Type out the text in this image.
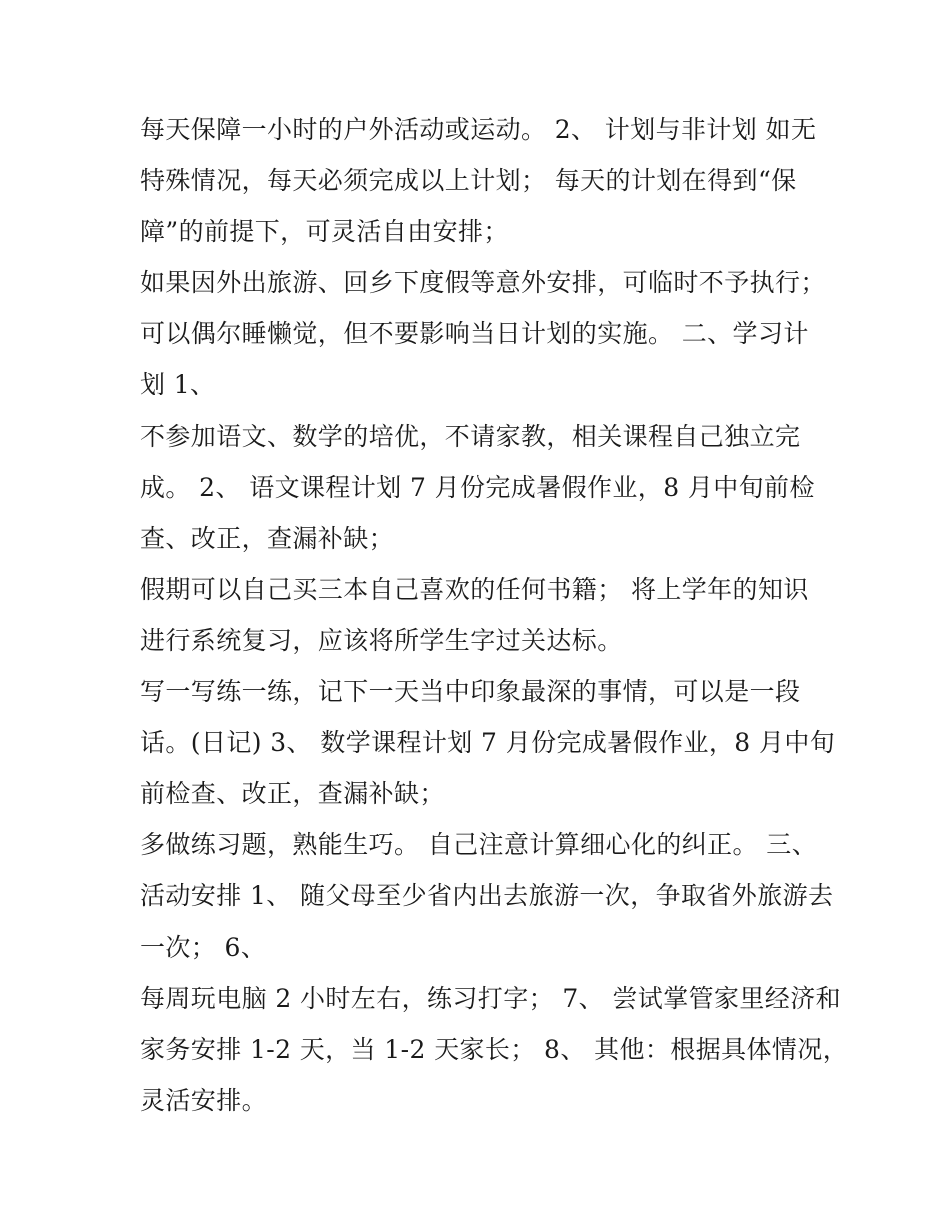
每天保障一小时的户外活动或运动。 2、 计划与非计划 如无
特殊情况，每天必须完成以上计划； 每天的计划在得到“保
障”的前提下，可灵活自由安排；
如果因外出旅游、回乡下度假等意外安排，可临时不予执行；
可以偶尔睡懒觉，但不要影响当日计划的实施。 二、学习计
划 1、
不参加语文、数学的培优，不请家教，相关课程自己独立完
成。 2、 语文课程计划 7 月份完成暑假作业，8 月中旬前检
查、改正，查漏补缺；
假期可以自己买三本自己喜欢的任何书籍； 将上学年的知识
进行系统复习，应该将所学生字过关达标。
写一写练一练，记下一天当中印象最深的事情，可以是一段
话。(日记) 3、 数学课程计划 7 月份完成暑假作业，8 月中旬
前检查、改正，查漏补缺；
多做练习题，熟能生巧。 自己注意计算细心化的纠正。 三、
活动安排 1、 随父母至少省内出去旅游一次，争取省外旅游去
一次； 6、
每周玩电脑 2 小时左右，练习打字； 7、 尝试掌管家里经济和
家务安排 1-2 天，当 1-2 天家长； 8、 其他：根据具体情况，
灵活安排。
